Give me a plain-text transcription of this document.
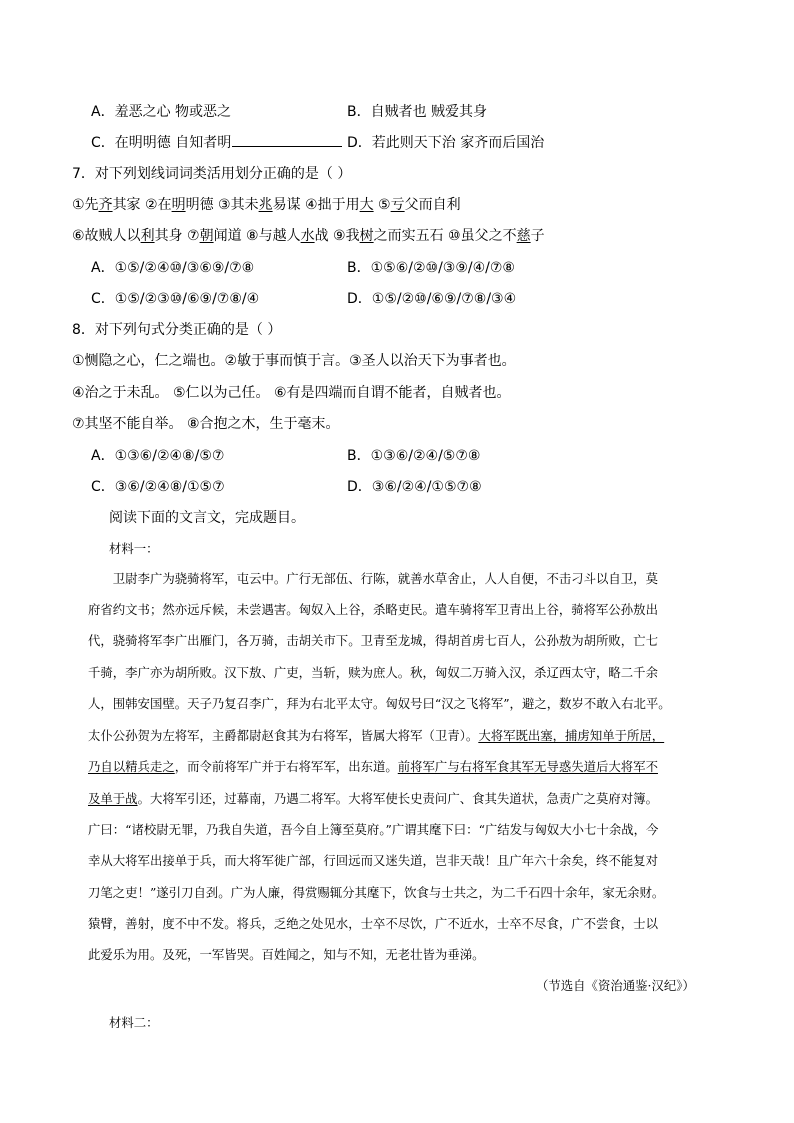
A．羞恶之心 物或恶之	B．自贼者也 贼爱其身
C．在明明德 自知者明	D．若此则天下治 家齐而后国治
7．对下列划线词词类活用划分正确的是（ ）
①先齐其家 ②在明明德 ③其未兆易谋 ④拙于用大 ⑤亏父而自利
⑥故贼人以利其身 ⑦朝闻道 ⑧与越人水战 ⑨我树之而实五石 ⑩虽父之不慈子
A．①⑤/②④⑩/③⑥⑨/⑦⑧	B．①⑤⑥/②⑩/③⑨/④/⑦⑧
C．①⑤/②③⑩/⑥⑨/⑦⑧/④	D．①⑤/②⑩/⑥⑨/⑦⑧/③④
8．对下列句式分类正确的是（ ）
①恻隐之心，仁之端也。②敏于事而慎于言。③圣人以治天下为事者也。
④治之于未乱。 ⑤仁以为己任。 ⑥有是四端而自谓不能者，自贼者也。
⑦其坚不能自举。 ⑧合抱之木，生于毫末。
A．①③⑥/②④⑧/⑤⑦	B．①③⑥/②④/⑤⑦⑧
C．③⑥/②④⑧/①⑤⑦	D．③⑥/②④/①⑤⑦⑧
阅读下面的文言文，完成题目。
材料一：
　　卫尉李广为骁骑将军，屯云中。广行无部伍、行陈，就善水草舍止，人人自便，不击刁斗以自卫，莫
府省约文书；然亦远斥候，未尝遇害。匈奴入上谷，杀略吏民。遣车骑将军卫青出上谷，骑将军公孙敖出
代，骁骑将军李广出雁门，各万骑，击胡关市下。卫青至龙城，得胡首虏七百人，公孙敖为胡所败，亡七
千骑，李广亦为胡所败。汉下敖、广吏，当斩，赎为庶人。秋，匈奴二万骑入汉，杀辽西太守，略二千余
人，围韩安国壁。天子乃复召李广，拜为右北平太守。匈奴号曰“汉之飞将军”，避之，数岁不敢入右北平。
太仆公孙贺为左将军，主爵都尉赵食其为右将军，皆属大将军（卫青）。大将军既出塞，捕虏知单于所居，
乃自以精兵走之，而令前将军广并于右将军军，出东道。前将军广与右将军食其军无导惑失道后大将军不
及单于战。大将军引还，过幕南，乃遇二将军。大将军使长史责问广、食其失道状，急责广之莫府对簿。
广曰：“诸校尉无罪，乃我自失道，吾今自上簿至莫府。”广谓其麾下曰：“广结发与匈奴大小七十余战，今
幸从大将军出接单于兵，而大将军徙广部，行回远而又迷失道，岂非天哉！且广年六十余矣，终不能复对
刀笔之吏！”遂引刀自刭。广为人廉，得赏赐辄分其麾下，饮食与士共之，为二千石四十余年，家无余财。
猿臂，善射，度不中不发。将兵，乏绝之处见水，士卒不尽饮，广不近水，士卒不尽食，广不尝食，士以
此爱乐为用。及死，一军皆哭。百姓闻之，知与不知，无老壮皆为垂涕。
（节选自《资治通鉴·汉纪》）
材料二：
